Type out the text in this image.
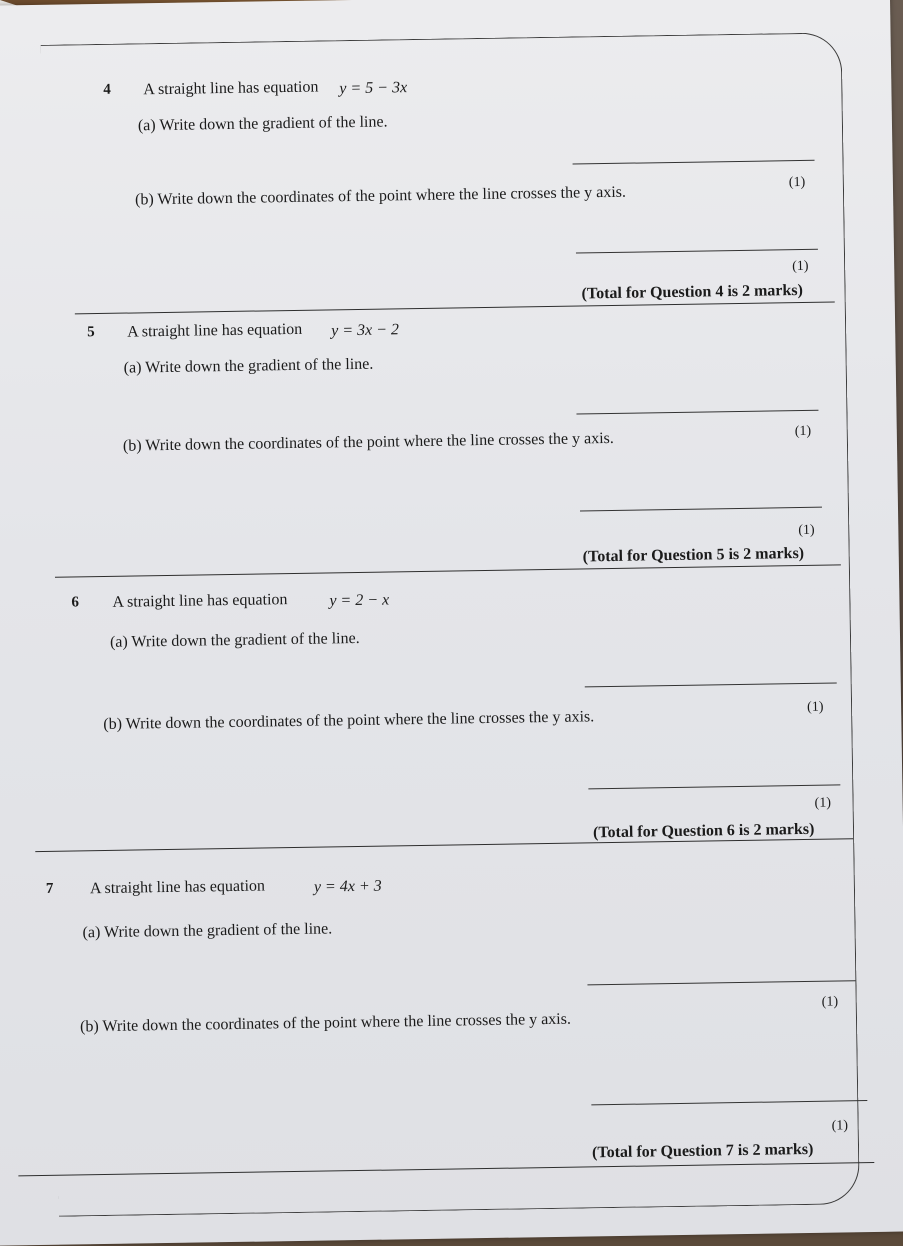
4 A straight line has equation y = 5 − 3x
(a) Write down the gradient of the line.
(1)
(b) Write down the coordinates of the point where the line crosses the y axis.
(1)
(Total for Question 4 is 2 marks)
5 A straight line has equation y = 3x − 2
(a) Write down the gradient of the line.
(1)
(b) Write down the coordinates of the point where the line crosses the y axis.
(1)
(Total for Question 5 is 2 marks)
6 A straight line has equation	y = 2 − x
(a) Write down the gradient of the line.
(1)
(b) Write down the coordinates of the point where the line crosses the y axis.
(1)
(Total for Question 6 is 2 marks)
7 A straight line has equation	y = 4x + 3
(a) Write down the gradient of the line.
(1)
(b) Write down the coordinates of the point where the line crosses the y axis.
(1)
(Total for Question 7 is 2 marks)
